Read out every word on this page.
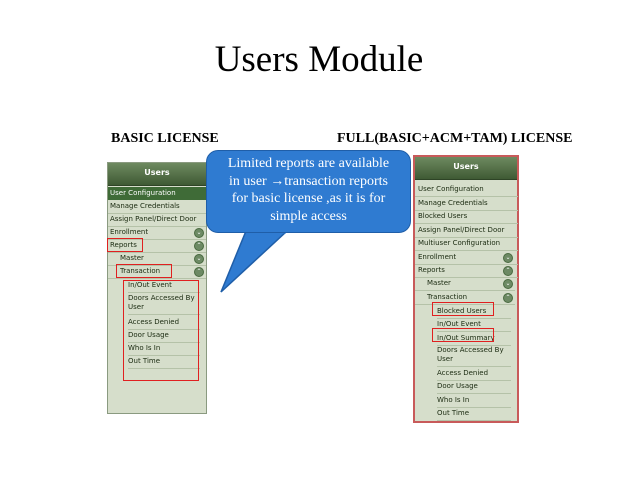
Users Module
BASIC LICENSE	FULL(BASIC+ACM+TAM) LICENSE
Users
User Configuration
Manage Credentials
Assign Panel/Direct Door
Enrollment	⌄
Reports	⌃
Master	⌄
Transaction	⌃
In/Out Event
Doors Accessed By
User
Access Denied
Door Usage
Who Is In
Out Time
Users
User Configuration
Manage Credentials
Blocked Users
Assign Panel/Direct Door
Multiuser Configuration
Enrollment	⌄
Reports	⌃
Master	⌄
Transaction	⌃
Blocked Users
In/Out Event
In/Out Summary
Doors Accessed By
User
Access Denied
Door Usage
Who Is In
Out Time
Limited reports are available
in user →transaction reports
for basic license ,as it is for
simple access
